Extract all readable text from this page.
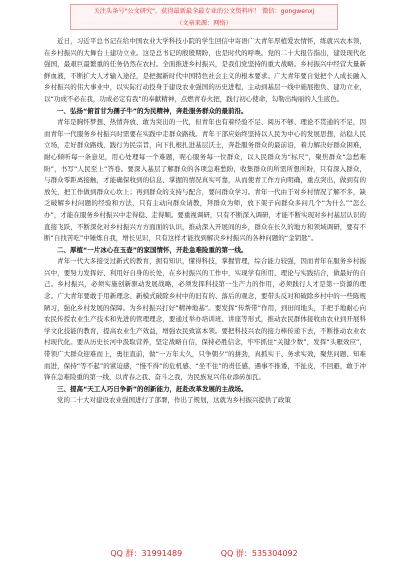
关注头条号"公文研究"，获得最新最全最专业的公文资料库！ 微信：gongwenxj
（文章来源：网络）

近日，习近平总书记在给中国农业大学科技小院的学生回信中寄语广大青年厚植爱农情怀，练就兴农本领，在乡村振兴的大舞台上建功立业。这是总书记的殷殷期盼，也是时代的呼唤。党的二十大报告指出，建设现代化强国，最艰巨最繁重的任务仍然在农村。全面推进乡村振兴，是我们党坚持的重大战略。乡村振兴中经营大量新鲜血液，不断扩大人才输入途径，是把握新时代中国特色社会主义的根本要求。广大青年要自觉把个人成长融入乡村振兴的伟大事业中，以实际行动投身于建设农业强国的历史进程，主动到基层一线中施展抱负、建功立业，以“功成不必在我，功成必定有我”的奉献精神，点燃青春火把，践行初心使命，勾勒出绚丽的人生底色。

一、弘扬“俯首甘为孺子牛”的为民精神，奔赴服务群众的最前沿。

青年是胸怀梦想、热情奔放、敢为突出的一代，但青年也有着经验不足、阅历不够、理论不贯通的不足，因而青年一代服务乡村振兴时需要在实践中走群众路线。青年干部应始终坚持以人民为中心的发展思想，站稳人民立场，走好群众路线，践行为民宗旨，向下扎根扎进基层沃土，奔赴服务群众的最前沿，着力解决好群众困难，耐心倾听每一条意见，用心处理每一个难题，呢心服务每一位群众，以人民群众为“标尺”，聚焦群众“急愁难盼”，书写“人民至上”答卷。要深入基层了解群众的各项急难愁盼，收集群众的所需所想所盼，只有深入群众，与群众零距离接触，才能确保收到的信息、掌握的情况真实可靠，从而使青工作方向明确，重点突出，做到有的放矢，把工作做到群众心坎上；再到群众的支持与配合，要问群众学习。青年一代由于对乡村情况了解不多，缺乏破解乡村问题的经验和方法，只有主动向群众请教，拜群众为师，放下架子向群众多问几个“为什么”“怎么办”，才能在服务乡村振兴中走得稳、走得顺。要重视调研，只有不断深入调研，才能不断实现对乡村基层认识的直接飞跃，不断深化对乡村振兴方方面面的认识，推动深入开展间的乡，群众在长久的地方和领域调研，要有不断“自找苦吃”中锤炼自我，增长见识，只有这样才能找到解决乡村振兴的各种问题的“金钥匙”。

二、厚植“一片冰心在玉壶”的家国情怀，开赴急难险重的第一线。

青年一代大多接受过新式的教育，拥有知识，懂得科技，掌握管理，综合能力较强，因而青年在服务乡村振兴中，要努力发挥好、利用好自身的长处，在乡村振兴的工作中，实现学有所用，理论与实践结合，做最好的自己。乡村振兴，必须实施创新驱动发展战略，必须发挥科技第一生产力的作用，必须践行人才是第一资源的理念。广大青年要敢于用新理念、新模式破除乡村中的旧有的、落后的观念，要带头反对和破除乡村中的一些陈规陋习，强化乡村发展的保障。为乡村振兴打好“精神地基”。要发挥“传帮带”作用，到田间地头，手把手地耐心向农民传授农业生产技术和先进的管理理念，要通过举办培训班、讲座等形式，推动农民群体接收由农业到开展科学文化技能的教育，提高农业生产效益，增强农民致富本领。要把科技兴农的接力棒传递下去，不断推动农业农村现代化。要从历史长河中汲取营养，坚定战略自信，保持必胜信念，牢牢抓住“关键少数”，发挥“头雁效应”，带领广大群众迎难而上，勇往直前，做“一万年太久，只争朝夕”的拼劲，真抓实干、务求实效，聚焦问题、知难而进，保持“等不起”的紧迫感，“慢不得”的危机感、“坐不住”的责任感，遇事不推诿，不扯皮，不回避，敢于冲锋在急难险重的第一线，以青春之我、奋斗之我，为民族复兴伟业添砖加瓦。

三、提高“天工人巧日争新”的创新能力，赶赴改革发展的主战场。

党的二十大对建设农业强国进行了部署，作出了规划，这就为乡村振兴提供了政策

QQ 群：31991489	QQ 群：535304092
